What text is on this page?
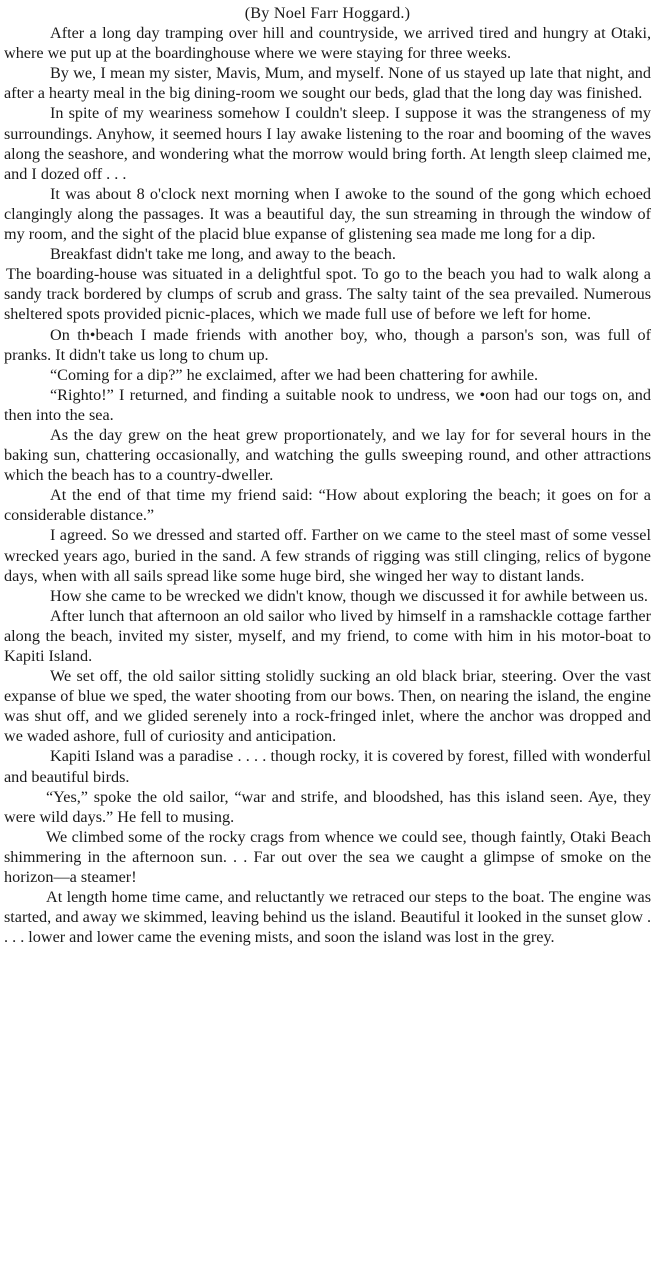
(By Noel Farr Hoggard.)

After a long day tramping over hill and countryside, we arrived tired and hungry at Otaki, where we put up at the boardinghouse where we were staying for three weeks.

By we, I mean my sister, Mavis, Mum, and myself. None of us stayed up late that night, and after a hearty meal in the big dining-room we sought our beds, glad that the long day was finished.

In spite of my weariness somehow I couldn't sleep. I suppose it was the strangeness of my surroundings. Anyhow, it seemed hours I lay awake listening to the roar and booming of the waves along the seashore, and wondering what the morrow would bring forth. At length sleep claimed me, and I dozed off . . .

It was about 8 o'clock next morning when I awoke to the sound of the gong which echoed clangingly along the passages. It was a beautiful day, the sun streaming in through the window of my room, and the sight of the placid blue expanse of glistening sea made me long for a dip.

Breakfast didn't take me long, and away to the beach.

The boarding-house was situated in a delightful spot. To go to the beach you had to walk along a sandy track bordered by clumps of scrub and grass. The salty taint of the sea prevailed. Numerous sheltered spots provided picnic-places, which we made full use of before we left for home.

On th•beach I made friends with another boy, who, though a parson's son, was full of pranks. It didn't take us long to chum up.

“Coming for a dip?” he exclaimed, after we had been chattering for awhile.

“Righto!” I returned, and finding a suitable nook to undress, we •oon had our togs on, and then into the sea.

As the day grew on the heat grew proportionately, and we lay for for several hours in the baking sun, chattering occasionally, and watching the gulls sweeping round, and other attractions which the beach has to a country-dweller.

At the end of that time my friend said: “How about exploring the beach; it goes on for a considerable distance.”

I agreed. So we dressed and started off. Farther on we came to the steel mast of some vessel wrecked years ago, buried in the sand. A few strands of rigging was still clinging, relics of bygone days, when with all sails spread like some huge bird, she winged her way to distant lands.

How she came to be wrecked we didn't know, though we discussed it for awhile between us.

After lunch that afternoon an old sailor who lived by himself in a ramshackle cottage farther along the beach, invited my sister, myself, and my friend, to come with him in his motor-boat to Kapiti Island.

We set off, the old sailor sitting stolidly sucking an old black briar, steering. Over the vast expanse of blue we sped, the water shooting from our bows. Then, on nearing the island, the engine was shut off, and we glided serenely into a rock-fringed inlet, where the anchor was dropped and we waded ashore, full of curiosity and anticipation.

Kapiti Island was a paradise . . . . though rocky, it is covered by forest, filled with wonderful and beautiful birds.

“Yes,” spoke the old sailor, “war and strife, and bloodshed, has this island seen. Aye, they were wild days.” He fell to musing.

We climbed some of the rocky crags from whence we could see, though faintly, Otaki Beach shimmering in the afternoon sun. . . Far out over the sea we caught a glimpse of smoke on the horizon—a steamer!

At length home time came, and reluctantly we retraced our steps to the boat. The engine was started, and away we skimmed, leaving behind us the island. Beautiful it looked in the sunset glow . . . . lower and lower came the evening mists, and soon the island was lost in the grey.
